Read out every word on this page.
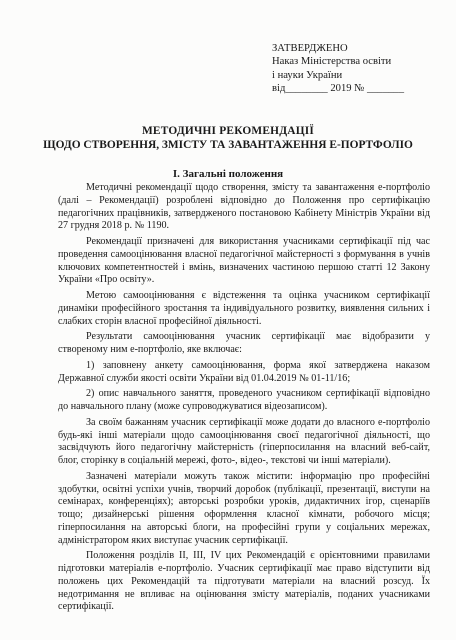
ЗАТВЕРДЖЕНО
Наказ Міністерства освіти
і науки України
від________ 2019 № _______
МЕТОДИЧНІ РЕКОМЕНДАЦІЇ
ЩОДО СТВОРЕННЯ, ЗМІСТУ ТА ЗАВАНТАЖЕННЯ Е-ПОРТФОЛІО
І. Загальні положення

Методичні рекомендації щодо створення, змісту та завантаження е-портфоліо (далі – Рекомендації) розроблені відповідно до Положення про сертифікацію педагогічних працівників, затвердженого постановою Кабінету Міністрів України від 27 грудня 2018 р. № 1190.

Рекомендації призначені для використання учасниками сертифікації під час проведення самооцінювання власної педагогічної майстерності з формування в учнів ключових компетентностей і вмінь, визначених частиною першою статті 12 Закону України «Про освіту».

Метою самооцінювання є відстеження та оцінка учасником сертифікації динаміки професійного зростання та індивідуального розвитку, виявлення сильних і слабких сторін власної професійної діяльності.

Результати самооцінювання учасник сертифікації має відобразити у створеному ним е-портфоліо, яке включає:

1) заповнену анкету самооцінювання, форма якої затверджена наказом Державної служби якості освіти України від 01.04.2019 № 01-11/16;

2) опис навчального заняття, проведеного учасником сертифікації відповідно до навчального плану (може супроводжуватися відеозаписом).

За своїм бажанням учасник сертифікації може додати до власного е-портфоліо будь-які інші матеріали щодо самооцінювання своєї педагогічної діяльності, що засвідчують його педагогічну майстерність (гіперпосилання на власний веб-сайт, блог, сторінку в соціальній мережі, фото-, відео-, текстові чи інші матеріали).

Зазначені матеріали можуть також містити: інформацію про професійні здобутки, освітні успіхи учнів, творчий доробок (публікації, презентації, виступи на семінарах, конференціях); авторські розробки уроків, дидактичних ігор, сценаріїв тощо; дизайнерські рішення оформлення класної кімнати, робочого місця; гіперпосилання на авторські блоги, на професійні групи у соціальних мережах, адміністратором яких виступає учасник сертифікації.

Положення розділів II, III, IV цих Рекомендацій є орієнтовними правилами підготовки матеріалів е-портфоліо. Учасник сертифікації має право відступити від положень цих Рекомендацій та підготувати матеріали на власний розсуд. Їх недотримання не впливає на оцінювання змісту матеріалів, поданих учасниками сертифікації.
